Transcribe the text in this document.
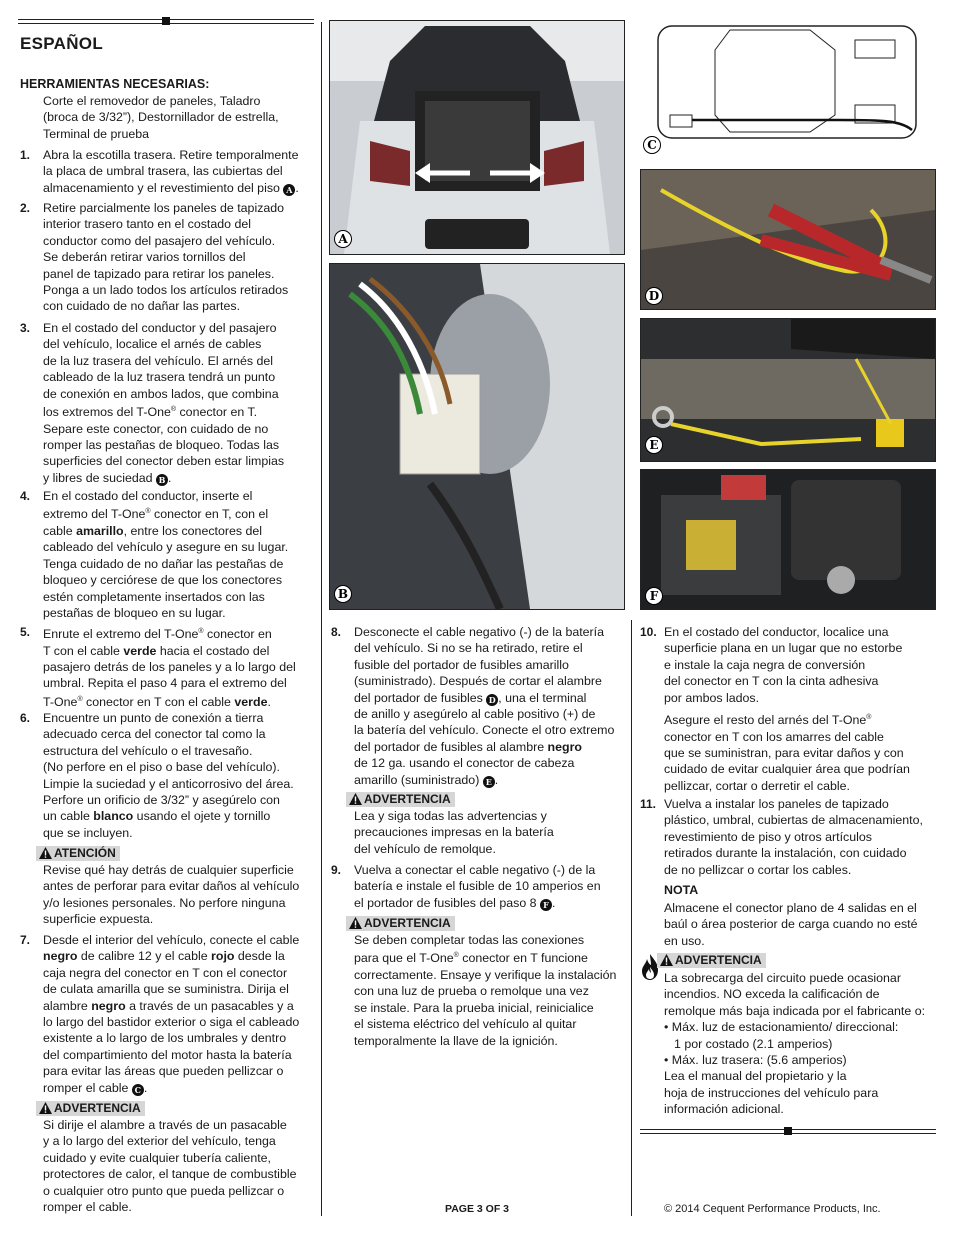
ESPAÑOL
HERRAMIENTAS NECESARIAS:
Corte el removedor de paneles, Taladro
(broca de 3/32”), Destornillador de estrella,
Terminal de prueba
1. Abra la escotilla trasera. Retire temporalmente
la placa de umbral trasera, las cubiertas del
almacenamiento y el revestimiento del piso A .
2. Retire parcialmente los paneles de tapizado
interior trasero tanto en el costado del
conductor como del pasajero del vehículo.
Se deberán retirar varios tornillos del
panel de tapizado para retirar los paneles.
Ponga a un lado todos los artículos retirados
con cuidado de no dañar las partes.
3. En el costado del conductor y del pasajero
del vehículo, localice el arnés de cables
de la luz trasera del vehículo. El arnés del
cableado de la luz trasera tendrá un punto
de conexión en ambos lados, que combina
los extremos del T-One® conector en T.
Separe este conector, con cuidado de no
romper las pestañas de bloqueo. Todas las
superficies del conector deben estar limpias
y libres de suciedad B .
4. En el costado del conductor, inserte el
extremo del T-One® conector en T, con el
cable amarillo, entre los conectores del
cableado del vehículo y asegure en su lugar.
Tenga cuidado de no dañar las pestañas de
bloqueo y cerciórese de que los conectores
estén completamente insertados con las
pestañas de bloqueo en su lugar.
5. Enrute el extremo del T-One® conector en
T con el cable verde hacia el costado del
pasajero detrás de los paneles y a lo largo del
umbral. Repita el paso 4 para el extremo del
T-One® conector en T con el cable verde.
6. Encuentre un punto de conexión a tierra
adecuado cerca del conector tal como la
estructura del vehículo o el travesaño.
(No perfore en el piso o base del vehículo).
Limpie la suciedad y el anticorrosivo del área.
Perfore un orificio de 3/32” y asegúrelo con
un cable blanco usando el ojete y tornillo
que se incluyen.
ATENCIÓN
Revise qué hay detrás de cualquier superficie
antes de perforar para evitar daños al vehículo
y/o lesiones personales. No perfore ninguna
superficie expuesta.
7. Desde el interior del vehículo, conecte el cable
negro de calibre 12 y el cable rojo desde la
caja negra del conector en T con el conector
de culata amarilla que se suministra. Dirija el
alambre negro a través de un pasacables y a
lo largo del bastidor exterior o siga el cableado
existente a lo largo de los umbrales y dentro
del compartimiento del motor hasta la batería
para evitar las áreas que pueden pellizcar o
romper el cable C .
ADVERTENCIA
Si dirije el alambre a través de un pasacable
y a lo largo del exterior del vehículo, tenga
cuidado y evite cualquier tubería caliente,
protectores de calor, el tanque de combustible
o cualquier otro punto que pueda pellizcar o
romper el cable.
A
B
C
D
E
F
8. Desconecte el cable negativo (-) de la batería
del vehículo. Si no se ha retirado, retire el
fusible del portador de fusibles amarillo
(suministrado). Después de cortar el alambre
del portador de fusibles D , una el terminal
de anillo y asegúrelo al cable positivo (+) de
la batería del vehículo. Conecte el otro extremo
del portador de fusibles al alambre negro
de 12 ga. usando el conector de cabeza
amarillo (suministrado) E .
ADVERTENCIA
Lea y siga todas las advertencias y
precauciones impresas en la batería
del vehículo de remolque.
9. Vuelva a conectar el cable negativo (-) de la
batería e instale el fusible de 10 amperios en
el portador de fusibles del paso 8 F .
ADVERTENCIA
Se deben completar todas las conexiones
para que el T-One® conector en T funcione
correctamente. Ensaye y verifique la instalación
con una luz de prueba o remolque una vez
se instale. Para la prueba inicial, reinicialice
el sistema eléctrico del vehículo al quitar
temporalmente la llave de la ignición.
10. En el costado del conductor, localice una
superficie plana en un lugar que no estorbe
e instale la caja negra de conversión
del conector en T con la cinta adhesiva
por ambos lados.
Asegure el resto del arnés del T-One®
conector en T con los amarres del cable
que se suministran, para evitar daños y con
cuidado de evitar cualquier área que podrían
pellizcar, cortar o derretir el cable.
11. Vuelva a instalar los paneles de tapizado
plástico, umbral, cubiertas de almacenamiento,
revestimiento de piso y otros artículos
retirados durante la instalación, con cuidado
de no pellizcar o cortar los cables.
NOTA
Almacene el conector plano de 4 salidas en el
baúl o área posterior de carga cuando no esté
en uso.
ADVERTENCIA
La sobrecarga del circuito puede ocasionar
incendios. NO exceda la calificación de
remolque más baja indicada por el fabricante o:
• Máx. luz de estacionamiento/ direccional:
1 por costado (2.1 amperios)
• Máx. luz trasera: (5.6 amperios)
Lea el manual del propietario y la
hoja de instrucciones del vehículo para
información adicional.
PAGE 3 OF 3	© 2014 Cequent Performance Products, Inc.
